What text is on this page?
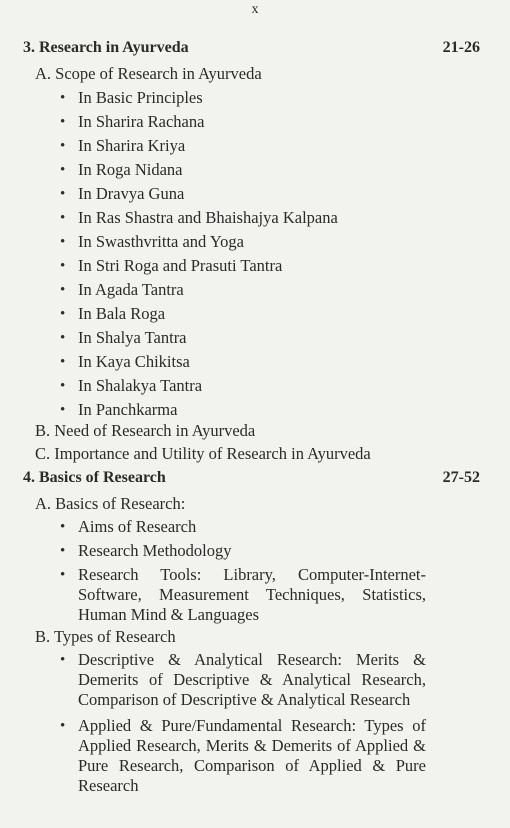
x
3. Research in Ayurveda	21-26
A. Scope of Research in Ayurveda
• In Basic Principles
• In Sharira Rachana
• In Sharira Kriya
• In Roga Nidana
• In Dravya Guna
• In Ras Shastra and Bhaishajya Kalpana
• In Swasthvritta and Yoga
• In Stri Roga and Prasuti Tantra
• In Agada Tantra
• In Bala Roga
• In Shalya Tantra
• In Kaya Chikitsa
• In Shalakya Tantra
• In Panchkarma
B. Need of Research in Ayurveda
C. Importance and Utility of Research in Ayurveda
4. Basics of Research	27-52
A. Basics of Research:
• Aims of Research
• Research Methodology
• Research Tools: Library, Computer-Internet-Software, Measurement Techniques, Statistics, Human Mind & Languages
B. Types of Research
• Descriptive & Analytical Research: Merits & Demerits of Descriptive & Analytical Research, Comparison of Descriptive & Analytical Research
• Applied & Pure/Fundamental Research: Types of Applied Research, Merits & Demerits of Applied & Pure Research, Comparison of Applied & Pure Research
